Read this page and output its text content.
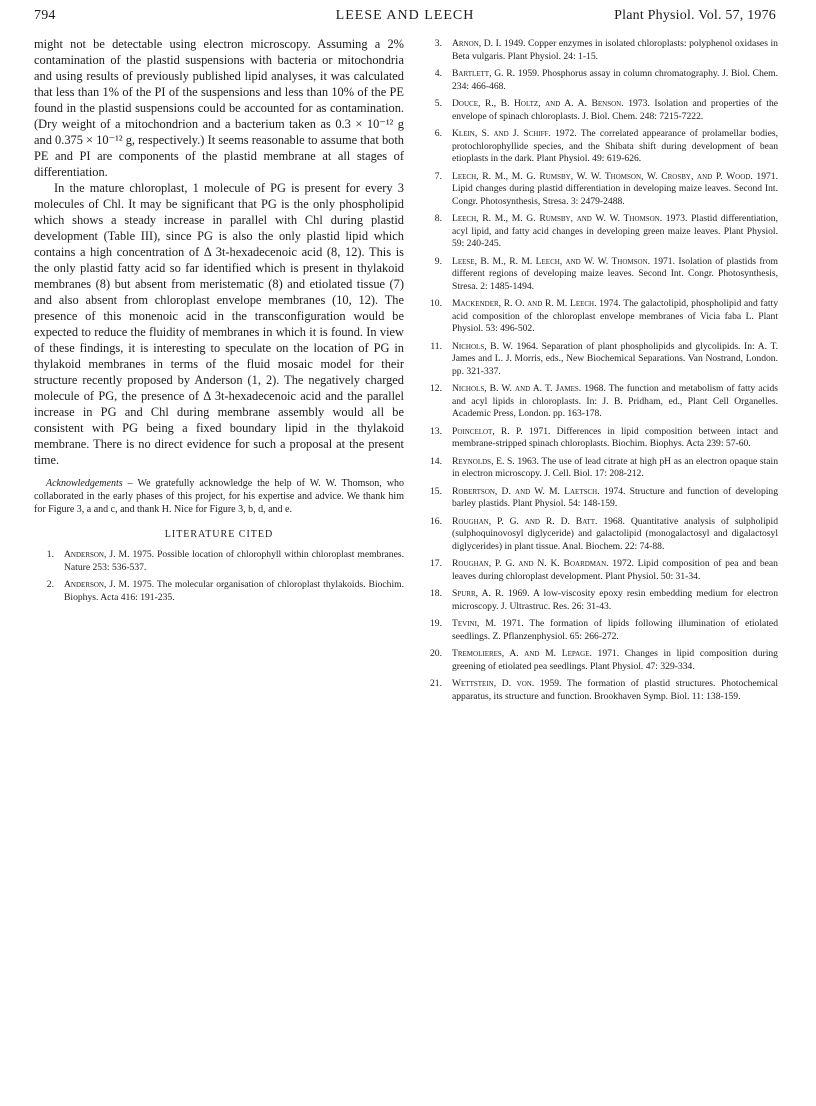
794	LEESE AND LEECH	Plant Physiol. Vol. 57, 1976

might not be detectable using electron microscopy. Assuming a 2% contamination of the plastid suspensions with bacteria or mitochondria and using results of previously published lipid analyses, it was calculated that less than 1% of the PI of the suspensions and less than 10% of the PE found in the plastid suspensions could be accounted for as contamination. (Dry weight of a mitochondrion and a bacterium taken as 0.3 × 10⁻¹² g and 0.375 × 10⁻¹² g, respectively.) It seems reasonable to assume that both PE and PI are components of the plastid membrane at all stages of differentiation.

In the mature chloroplast, 1 molecule of PG is present for every 3 molecules of Chl. It may be significant that PG is the only phospholipid which shows a steady increase in parallel with Chl during plastid development (Table III), since PG is also the only plastid lipid which contains a high concentration of Δ 3t-hexadecenoic acid (8, 12). This is the only plastid fatty acid so far identified which is present in thylakoid membranes (8) but absent from meristematic (8) and etiolated tissue (7) and also absent from chloroplast envelope membranes (10, 12). The presence of this monenoic acid in the transconfiguration would be expected to reduce the fluidity of membranes in which it is found. In view of these findings, it is interesting to speculate on the location of PG in thylakoid membranes in terms of the fluid mosaic model for their structure recently proposed by Anderson (1, 2). The negatively charged molecule of PG, the presence of Δ 3t-hexadecenoic acid and the parallel increase in PG and Chl during membrane assembly would all be consistent with PG being a fixed boundary lipid in the thylakoid membrane. There is no direct evidence for such a proposal at the present time.

Acknowledgements – We gratefully acknowledge the help of W. W. Thomson, who collaborated in the early phases of this project, for his expertise and advice. We thank him for Figure 3, a and c, and thank H. Nice for Figure 3, b, d, and e.

LITERATURE CITED
1. Anderson, J. M. 1975. Possible location of chlorophyll within chloroplast membranes. Nature 253: 536-537.
2. Anderson, J. M. 1975. The molecular organisation of chloroplast thylakoids. Biochim. Biophys. Acta 416: 191-235.
3. Arnon, D. I. 1949. Copper enzymes in isolated chloroplasts: polyphenol oxidases in Beta vulgaris. Plant Physiol. 24: 1-15.
4. Bartlett, G. R. 1959. Phosphorus assay in column chromatography. J. Biol. Chem. 234: 466-468.
5. Douce, R., B. Holtz, and A. A. Benson. 1973. Isolation and properties of the envelope of spinach chloroplasts. J. Biol. Chem. 248: 7215-7222.
6. Klein, S. and J. Schiff. 1972. The correlated appearance of prolamellar bodies, protochlorophyllide species, and the Shibata shift during development of bean etioplasts in the dark. Plant Physiol. 49: 619-626.
7. Leech, R. M., M. G. Rumsby, W. W. Thomson, W. Crosby, and P. Wood. 1971. Lipid changes during plastid differentiation in developing maize leaves. Second Int. Congr. Photosynthesis, Stresa. 3: 2479-2488.
8. Leech, R. M., M. G. Rumsby, and W. W. Thomson. 1973. Plastid differentiation, acyl lipid, and fatty acid changes in developing green maize leaves. Plant Physiol. 59: 240-245.
9. Leese, B. M., R. M. Leech, and W. W. Thomson. 1971. Isolation of plastids from different regions of developing maize leaves. Second Int. Congr. Photosynthesis, Stresa. 2: 1485-1494.
10. Mackender, R. O. and R. M. Leech. 1974. The galactolipid, phospholipid and fatty acid composition of the chloroplast envelope membranes of Vicia faba L. Plant Physiol. 53: 496-502.
11. Nichols, B. W. 1964. Separation of plant phospholipids and glycolipids. In: A. T. James and L. J. Morris, eds., New Biochemical Separations. Van Nostrand, London. pp. 321-337.
12. Nichols, B. W. and A. T. James. 1968. The function and metabolism of fatty acids and acyl lipids in chloroplasts. In: J. B. Pridham, ed., Plant Cell Organelles. Academic Press, London. pp. 163-178.
13. Poincelot, R. P. 1971. Differences in lipid composition between intact and membrane-stripped spinach chloroplasts. Biochim. Biophys. Acta 239: 57-60.
14. Reynolds, E. S. 1963. The use of lead citrate at high pH as an electron opaque stain in electron microscopy. J. Cell. Biol. 17: 208-212.
15. Robertson, D. and W. M. Laetsch. 1974. Structure and function of developing barley plastids. Plant Physiol. 54: 148-159.
16. Roughan, P. G. and R. D. Batt. 1968. Quantitative analysis of sulpholipid (sulphoquinovosyl diglyceride) and galactolipid (monogalactosyl and digalactosyl diglycerides) in plant tissue. Anal. Biochem. 22: 74-88.
17. Roughan, P. G. and N. K. Boardman. 1972. Lipid composition of pea and bean leaves during chloroplast development. Plant Physiol. 50: 31-34.
18. Spurr, A. R. 1969. A low-viscosity epoxy resin embedding medium for electron microscopy. J. Ultrastruc. Res. 26: 31-43.
19. Tevini, M. 1971. The formation of lipids following illumination of etiolated seedlings. Z. Pflanzenphysiol. 65: 266-272.
20. Tremolieres, A. and M. Lepage. 1971. Changes in lipid composition during greening of etiolated pea seedlings. Plant Physiol. 47: 329-334.
21. Wettstein, D. von. 1959. The formation of plastid structures. Photochemical apparatus, its structure and function. Brookhaven Symp. Biol. 11: 138-159.
